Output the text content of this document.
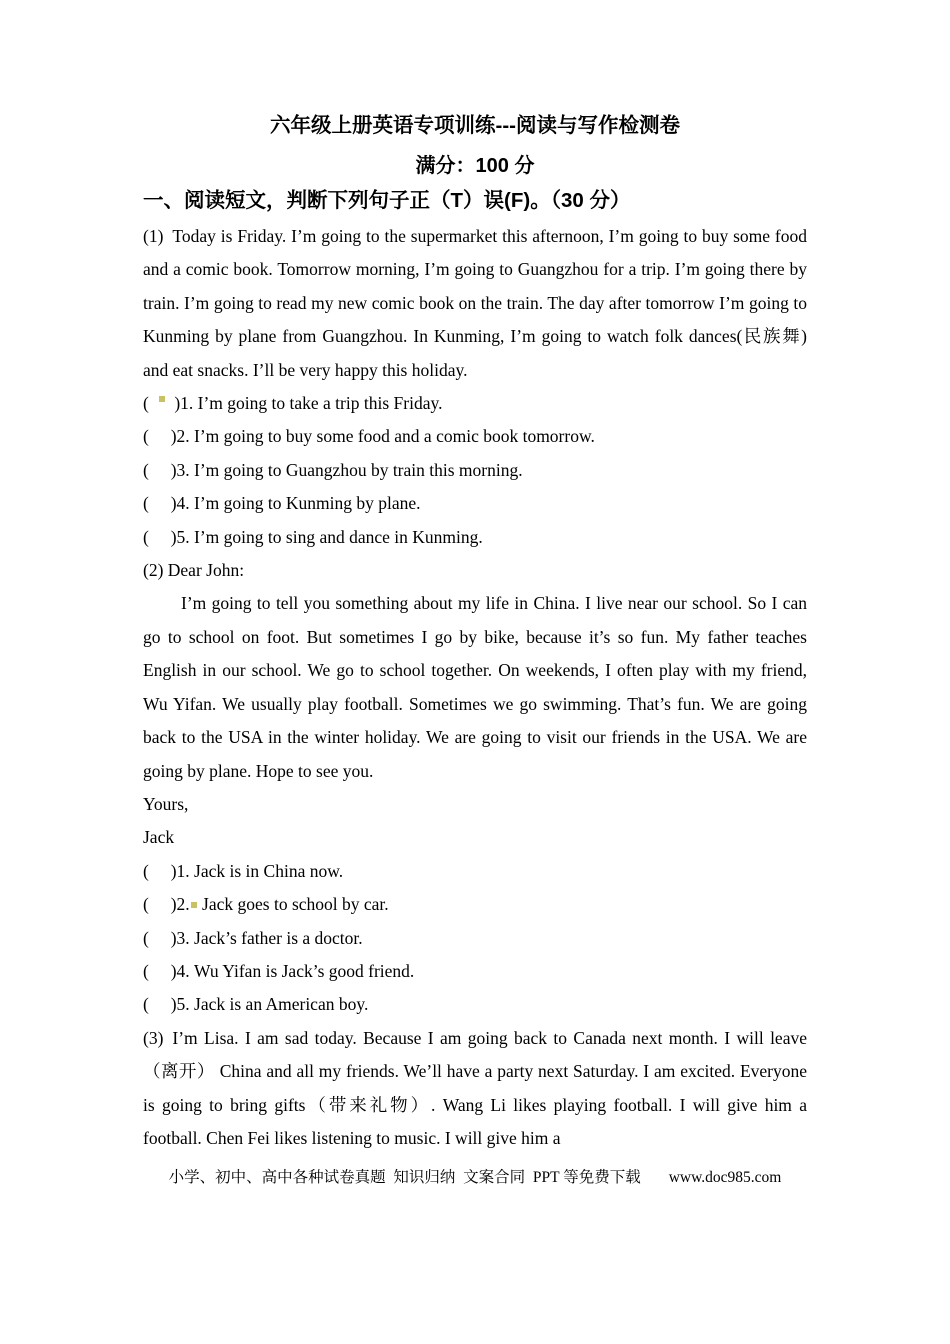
六年级上册英语专项训练---阅读与写作检测卷
满分：100 分
一、阅读短文，判断下列句子正（T）误(F)。（30 分）

(1) Today is Friday. I’m going to the supermarket this afternoon, I’m going to buy some food and a comic book. Tomorrow morning, I’m going to Guangzhou for a trip. I’m going there by train. I’m going to read my new comic book on the train. The day after tomorrow I’m going to Kunming by plane from Guangzhou. In Kunming, I’m going to watch folk dances(民族舞) and eat snacks. I’ll be very happy this holiday.

(    )1. I’m going to take a trip this Friday.
(     )2. I’m going to buy some food and a comic book tomorrow.
(     )3. I’m going to Guangzhou by train this morning.
(     )4. I’m going to Kunming by plane.
(     )5. I’m going to sing and dance in Kunming.
(2) Dear John:

I’m going to tell you something about my life in China. I live near our school. So I can go to school on foot. But sometimes I go by bike, because it’s so fun. My father teaches English in our school. We go to school together. On weekends, I often play with my friend, Wu Yifan. We usually play football. Sometimes we go swimming. That’s fun. We are going back to the USA in the winter holiday. We are going to visit our friends in the USA. We are going by plane. Hope to see you.

Yours,
Jack
(     )1. Jack is in China now.
(     )2. Jack goes to school by car.
(     )3. Jack’s father is a doctor.
(     )4. Wu Yifan is Jack’s good friend.
(     )5. Jack is an American boy.

(3) I’m Lisa. I am sad today. Because I am going back to Canada next month. I will leave（离开） China and all my friends. We’ll have a party next Saturday. I am excited. Everyone is going to bring gifts（带来礼物）. Wang Li likes playing football. I will give him a football. Chen Fei likes listening to music. I will give him a

小学、初中、高中各种试卷真题  知识归纳  文案合同  PPT 等免费下载 www.doc985.com
